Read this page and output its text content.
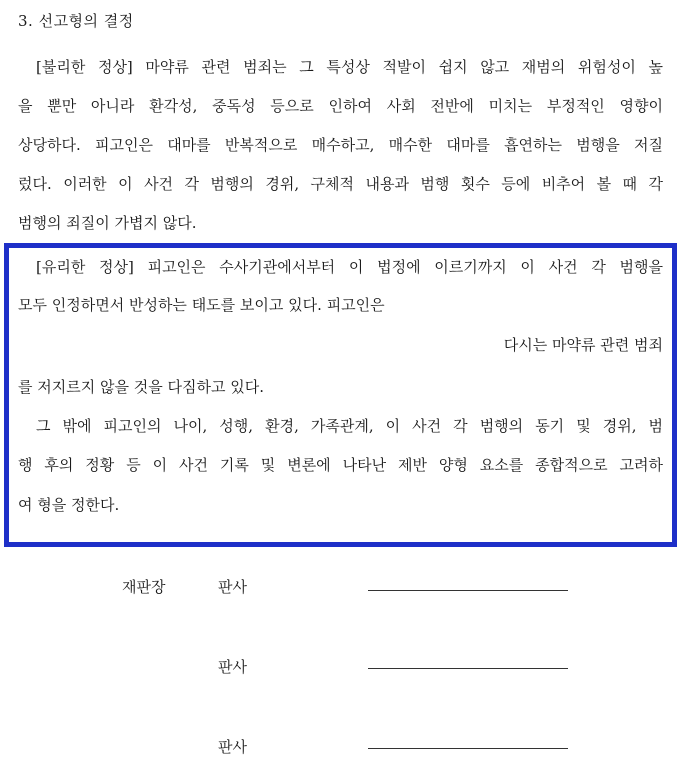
3. 선고형의 결정
[불리한 정상] 마약류 관련 범죄는 그 특성상 적발이 쉽지 않고 재범의 위험성이 높
을 뿐만 아니라 환각성, 중독성 등으로 인하여 사회 전반에 미치는 부정적인 영향이
상당하다. 피고인은 대마를 반복적으로 매수하고, 매수한 대마를 흡연하는 범행을 저질
렀다. 이러한 이 사건 각 범행의 경위, 구체적 내용과 범행 횟수 등에 비추어 볼 때 각
범행의 죄질이 가볍지 않다.
[유리한 정상] 피고인은 수사기관에서부터 이 법정에 이르기까지 이 사건 각 범행을
모두 인정하면서 반성하는 태도를 보이고 있다. 피고인은
다시는 마약류 관련 범죄
를 저지르지 않을 것을 다짐하고 있다.
그 밖에 피고인의 나이, 성행, 환경, 가족관계, 이 사건 각 범행의 동기 및 경위, 범
행 후의 정황 등 이 사건 기록 및 변론에 나타난 제반 양형 요소를 종합적으로 고려하
여 형을 정한다.
재판장	판사
판사
판사
